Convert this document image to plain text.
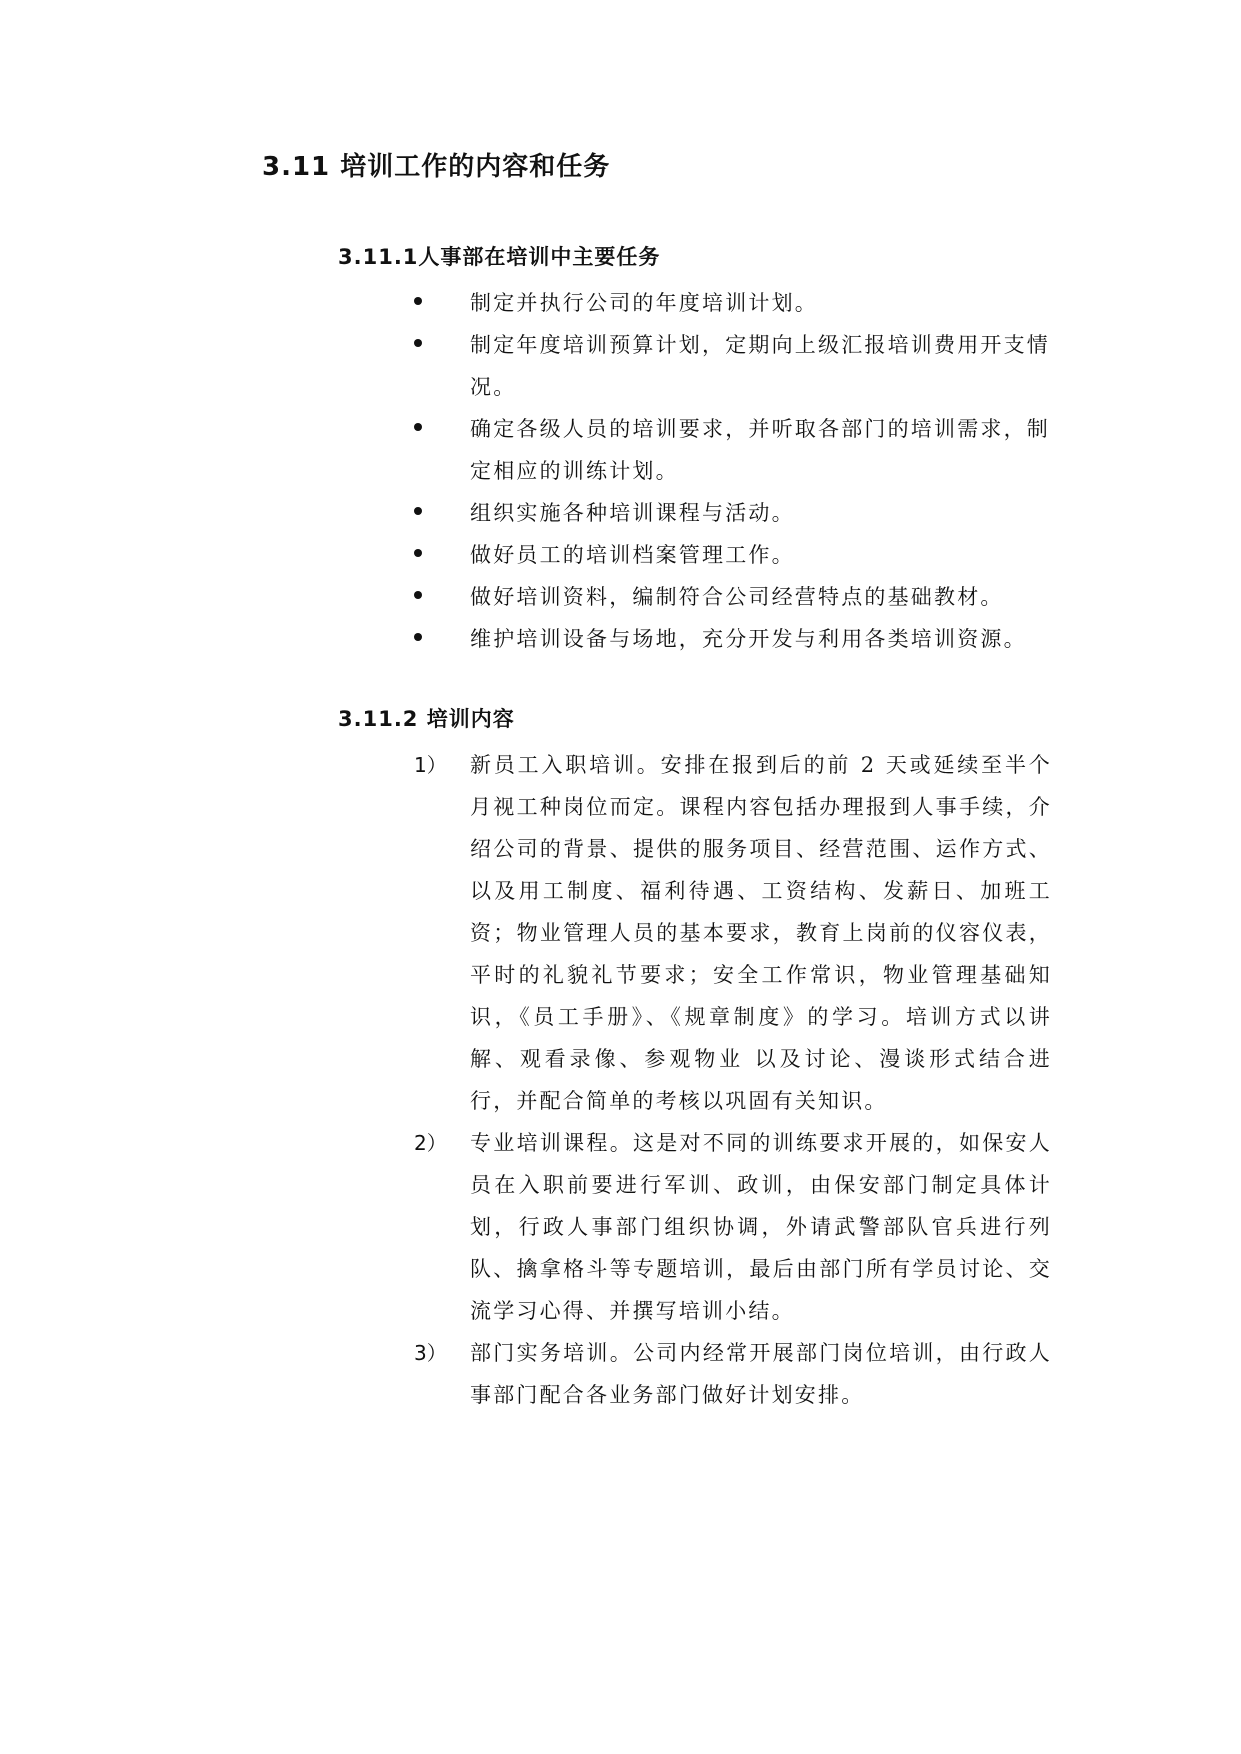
3.11 培训工作的内容和任务
3.11.1人事部在培训中主要任务
制定并执行公司的年度培训计划。
制定年度培训预算计划，定期向上级汇报培训费用开支情况。
确定各级人员的培训要求，并听取各部门的培训需求，制定相应的训练计划。
组织实施各种培训课程与活动。
做好员工的培训档案管理工作。
做好培训资料，编制符合公司经营特点的基础教材。
维护培训设备与场地，充分开发与利用各类培训资源。
3.11.2 培训内容
1） 新员工入职培训。安排在报到后的前 2 天或延续至半个月视工种岗位而定。课程内容包括办理报到人事手续，介绍公司的背景、提供的服务项目、经营范围、运作方式、以及用工制度、福利待遇、工资结构、发薪日、加班工资；物业管理人员的基本要求，教育上岗前的仪容仪表，平时的礼貌礼节要求；安全工作常识，物业管理基础知识，《员工手册》、《规章制度》的学习。培训方式以讲解、观看录像、参观物业 以及讨论、漫谈形式结合进行，并配合简单的考核以巩固有关知识。
2） 专业培训课程。这是对不同的训练要求开展的，如保安人员在入职前要进行军训、政训，由保安部门制定具体计划，行政人事部门组织协调，外请武警部队官兵进行列队、擒拿格斗等专题培训，最后由部门所有学员讨论、交流学习心得、并撰写培训小结。
3） 部门实务培训。公司内经常开展部门岗位培训，由行政人事部门配合各业务部门做好计划安排。
